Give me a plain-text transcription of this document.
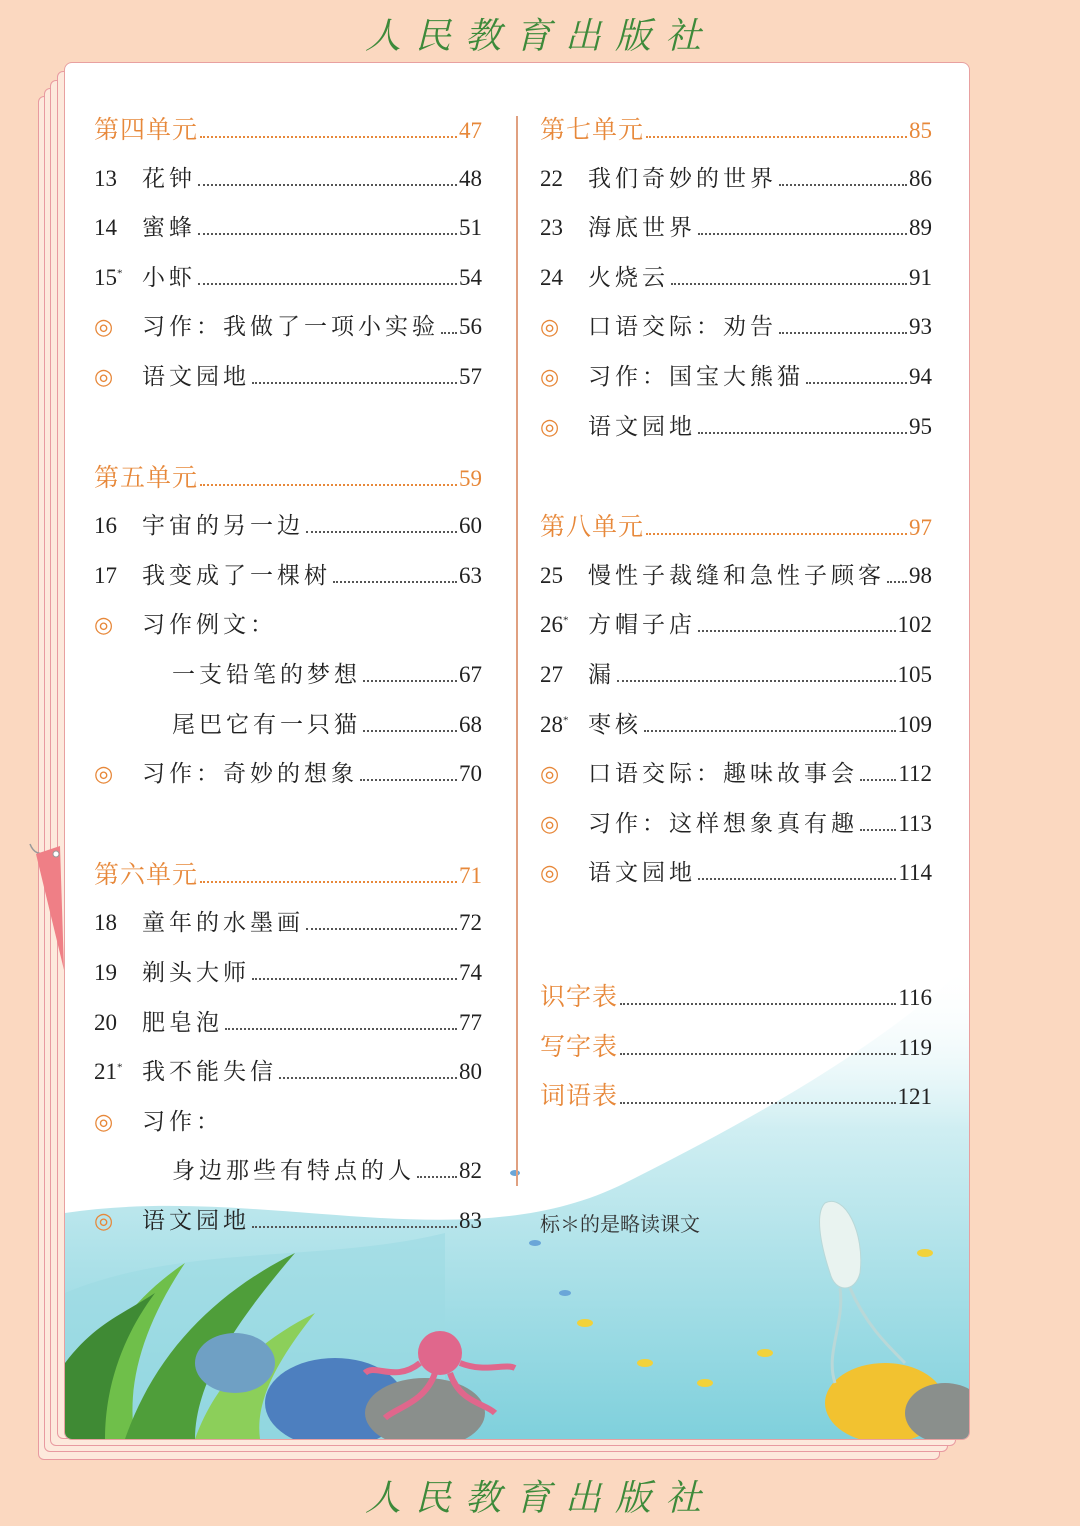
人民教育出版社
第四单元	47
13	花钟	48
14	蜜蜂	51
15* 小虾	54
◎	习作：我做了一项小实验 56
◎	语文园地	57
第五单元	59
16	宇宙的另一边	60
17	我变成了一棵树	63
◎	习作例文：
一支铅笔的梦想	67
尾巴它有一只猫	68
◎	习作：奇妙的想象	70
第六单元	71
18	童年的水墨画	72
19	剃头大师	74
20	肥皂泡	77
21* 我不能失信	80
◎	习作：
身边那些有特点的人 82
◎	语文园地	83
第七单元	85
22	我们奇妙的世界	86
23	海底世界	89
24	火烧云	91
◎	口语交际：劝告	93
◎	习作：国宝大熊猫	94
◎	语文园地	95
第八单元	97
25	慢性子裁缝和急性子顾客 98
26* 方帽子店	102
27	漏	105
28* 枣核	109
◎	口语交际：趣味故事会 112
◎	习作：这样想象真有趣 113
◎	语文园地	114
识字表	116
写字表	119
词语表	121
标＊的是略读课文
人民教育出版社
